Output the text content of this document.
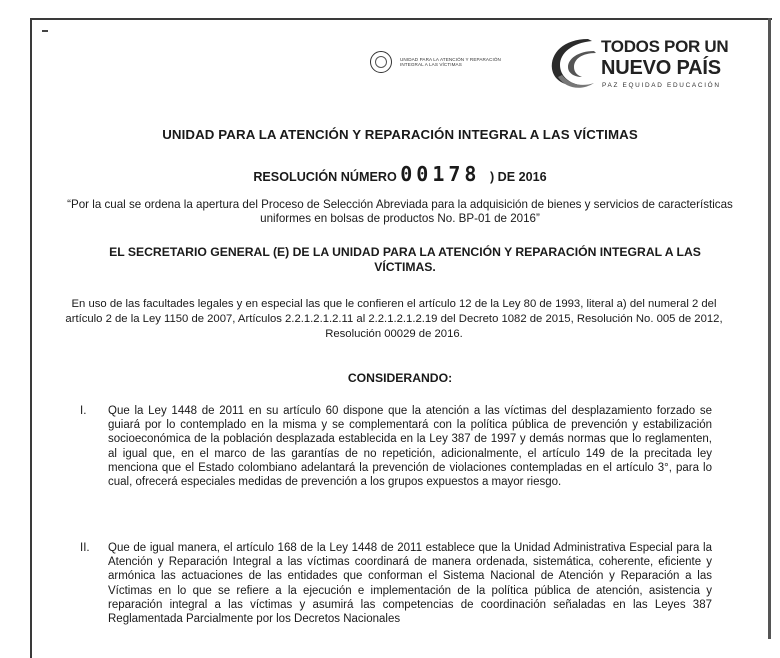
UNIDAD PARA LA ATENCIÓN Y REPARACIÓN INTEGRAL A LAS VÍCTIMAS
TODOS POR UN
NUEVO PAÍS
PAZ EQUIDAD EDUCACIÓN
UNIDAD PARA LA ATENCIÓN Y REPARACIÓN INTEGRAL A LAS VÍCTIMAS
RESOLUCIÓN NÚMERO 00178 ) DE 2016
“Por la cual se ordena la apertura del Proceso de Selección Abreviada para la adquisición de bienes y servicios de características uniformes en bolsas de productos No. BP-01 de 2016”
EL SECRETARIO GENERAL (E) DE LA UNIDAD PARA LA ATENCIÓN Y REPARACIÓN INTEGRAL A LAS VÍCTIMAS.
En uso de las facultades legales y en especial las que le confieren el artículo 12 de la Ley 80 de 1993, literal a) del numeral 2 del artículo 2 de la Ley 1150 de 2007, Artículos 2.2.1.2.1.2.11 al 2.2.1.2.1.2.19 del Decreto 1082 de 2015, Resolución No. 005 de 2012, Resolución 00029 de 2016.
CONSIDERANDO:
I. Que la Ley 1448 de 2011 en su artículo 60 dispone que la atención a las víctimas del desplazamiento forzado se guiará por lo contemplado en la misma y se complementará con la política pública de prevención y estabilización socioeconómica de la población desplazada establecida en la Ley 387 de 1997 y demás normas que lo reglamenten, al igual que, en el marco de las garantías de no repetición, adicionalmente, el artículo 149 de la precitada ley menciona que el Estado colombiano adelantará la prevención de violaciones contempladas en el artículo 3°, para lo cual, ofrecerá especiales medidas de prevención a los grupos expuestos a mayor riesgo.
II. Que de igual manera, el artículo 168 de la Ley 1448 de 2011 establece que la Unidad Administrativa Especial para la Atención y Reparación Integral a las víctimas coordinará de manera ordenada, sistemática, coherente, eficiente y armónica las actuaciones de las entidades que conforman el Sistema Nacional de Atención y Reparación a las Víctimas en lo que se refiere a la ejecución e implementación de la política pública de atención, asistencia y reparación integral a las víctimas y asumirá las competencias de coordinación señaladas en las Leyes 387 Reglamentada Parcialmente por los Decretos Nacionales
